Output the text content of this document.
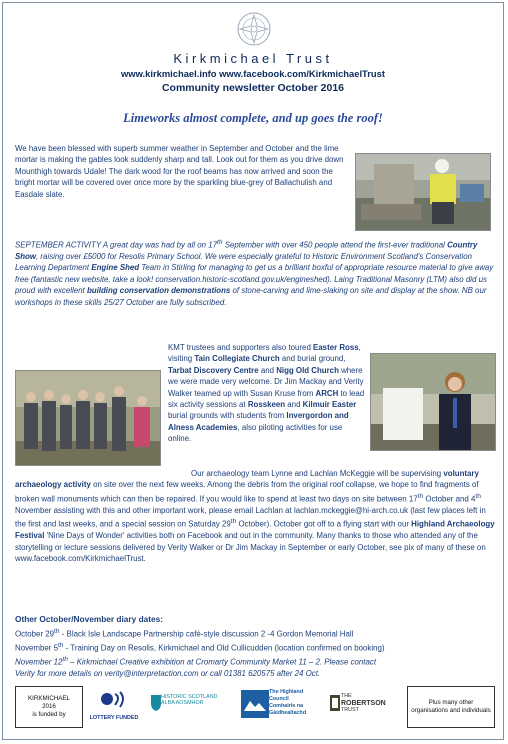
Kirkmichael Trust
www.kirkmichael.info www.facebook.com/KirkmichaelTrust
Community newsletter October 2016
Limeworks almost complete, and up goes the roof!

We have been blessed with superb summer weather in September and October and the lime mortar is making the gables look suddenly sharp and tall. Look out for them as you drive down Mounthigh towards Udale! The dark wood for the roof beams has now arrived and soon the bright mortar will be covered over once more by the sparkling blue-grey of Ballachulish and Easdale slate.

SEPTEMBER ACTIVITY A great day was had by all on 17th September with over 450 people attend the first-ever traditional Country Show, raising over £5000 for Resolis Primary School. We were especially grateful to Historic Environment Scotland's Conservation Learning Department Engine Shed Team in Stirling for managing to get us a brilliant boxful of appropriate resource material to give away free (fantastic new website, take a look! conservation.historic-scotland.gov.uk/engineshed). Laing Traditional Masonry (LTM) also did us proud with excellent building conservation demonstrations of stone-carving and lime-slaking on site and display at the show. NB our workshops in these skills 25/27 October are fully subscribed.

KMT trustees and supporters also toured Easter Ross, visiting Tain Collegiate Church and burial ground, Tarbat Discovery Centre and Nigg Old Church where we were made very welcome. Dr Jim Mackay and Verity Walker teamed up with Susan Kruse from ARCH to lead six activity sessions at Rosskeen and Kilmuir Easter burial grounds with students from Invergordon and Alness Academies, also piloting activities for use online.

Our archaeology team Lynne and Lachlan McKeggie will be supervising voluntary archaeology activity on site over the next few weeks. Among the debris from the original roof collapse, we hope to find fragments of broken wall monuments which can then be repaired. If you would like to spend at least two days on site between 17th October and 4th November assisting with this and other important work, please email Lachlan at lachlan.mckeggie@hi-arch.co.uk (last few places left in the first and last weeks, and a special session on Saturday 29th October). October got off to a flying start with our Highland Archaeology Festival 'Nine Days of Wonder' activities both on Facebook and out in the community. Many thanks to those who attended any of the storytelling or lecture sessions delivered by Verity Walker or Dr Jim Mackay in September or early October, see pix of many of these on www.facebook.com/KirkmichaelTrust.

Other October/November diary dates:
October 29th - Black Isle Landscape Partnership café-style discussion 2 -4 Gordon Memorial Hall
November 5th - Training Day on Resolis, Kirkmichael and Old Cullicudden (location confirmed on booking)
November 12th – Kirkmichael Creative exhibition at Cromarty Community Market 11 – 2. Please contact
Verity for more details on verity@interpretaction.com or call 01381 620575 after 24 Oct.
KIRKMICHAEL
2016
is funded by	LOTTERY FUNDED
HISTORIC SCOTLAND
ALBA AOSMHOR
The Highland
Council
Comhairle na
Gàidhealtachd
THE
ROBERTSON
TRUST
Plus many other
organisations and individuals
